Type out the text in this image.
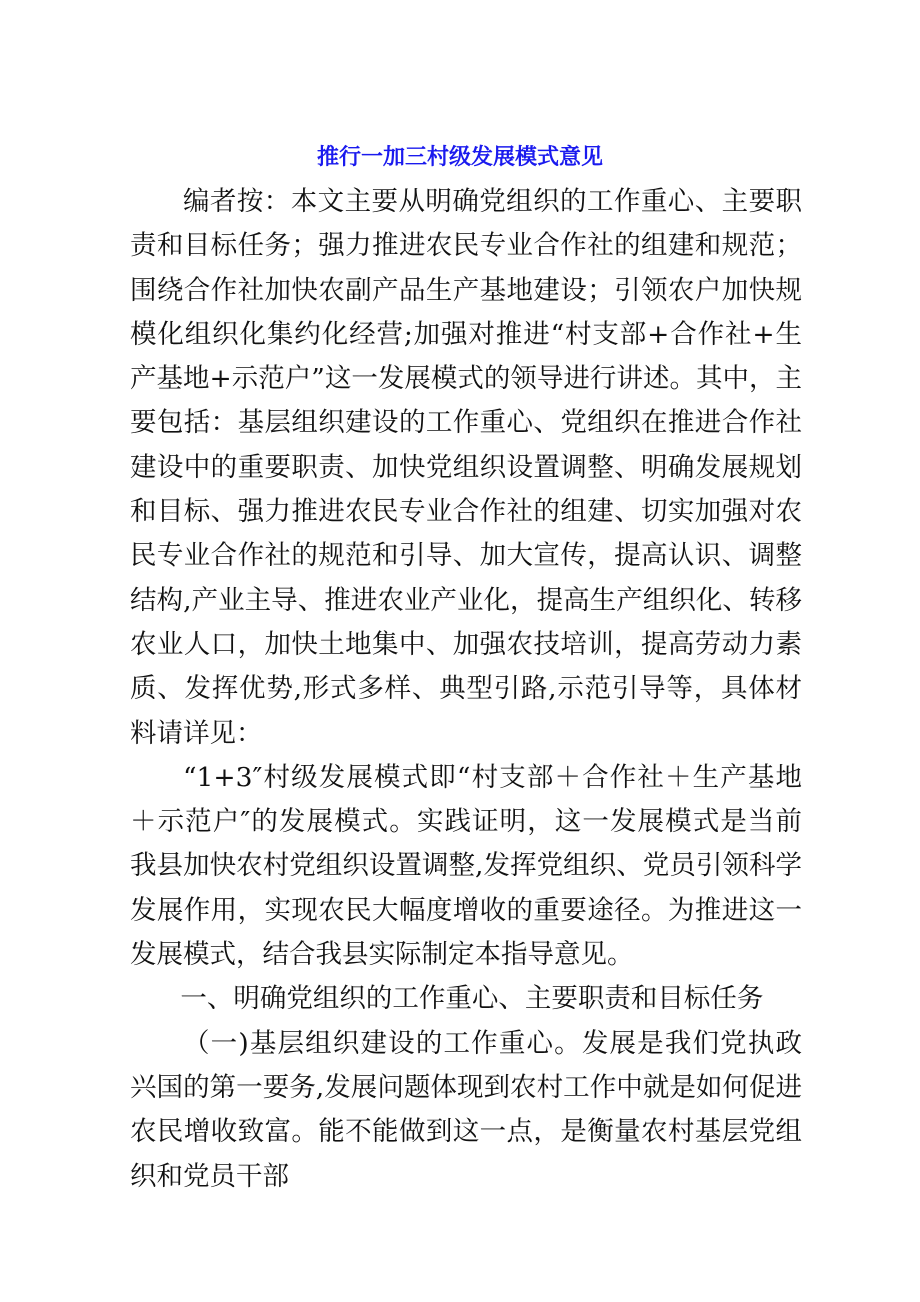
推行一加三村级发展模式意见

编者按：本文主要从明确党组织的工作重心、主要职责和目标任务；强力推进农民专业合作社的组建和规范；围绕合作社加快农副产品生产基地建设；引领农户加快规模化组织化集约化经营;加强对推进“村支部+合作社+生产基地+示范户”这一发展模式的领导进行讲述。其中，主要包括：基层组织建设的工作重心、党组织在推进合作社建设中的重要职责、加快党组织设置调整、明确发展规划和目标、强力推进农民专业合作社的组建、切实加强对农民专业合作社的规范和引导、加大宣传，提高认识、调整结构,产业主导、推进农业产业化，提高生产组织化、转移农业人口，加快土地集中、加强农技培训，提高劳动力素质、发挥优势,形式多样、典型引路,示范引导等，具体材料请详见：

“1+3″村级发展模式即“村支部＋合作社＋生产基地＋示范户″的发展模式。实践证明，这一发展模式是当前我县加快农村党组织设置调整,发挥党组织、党员引领科学发展作用，实现农民大幅度增收的重要途径。为推进这一发展模式，结合我县实际制定本指导意见。

一、明确党组织的工作重心、主要职责和目标任务

（一)基层组织建设的工作重心。发展是我们党执政兴国的第一要务,发展问题体现到农村工作中就是如何促进农民增收致富。能不能做到这一点，是衡量农村基层党组织和党员干部
